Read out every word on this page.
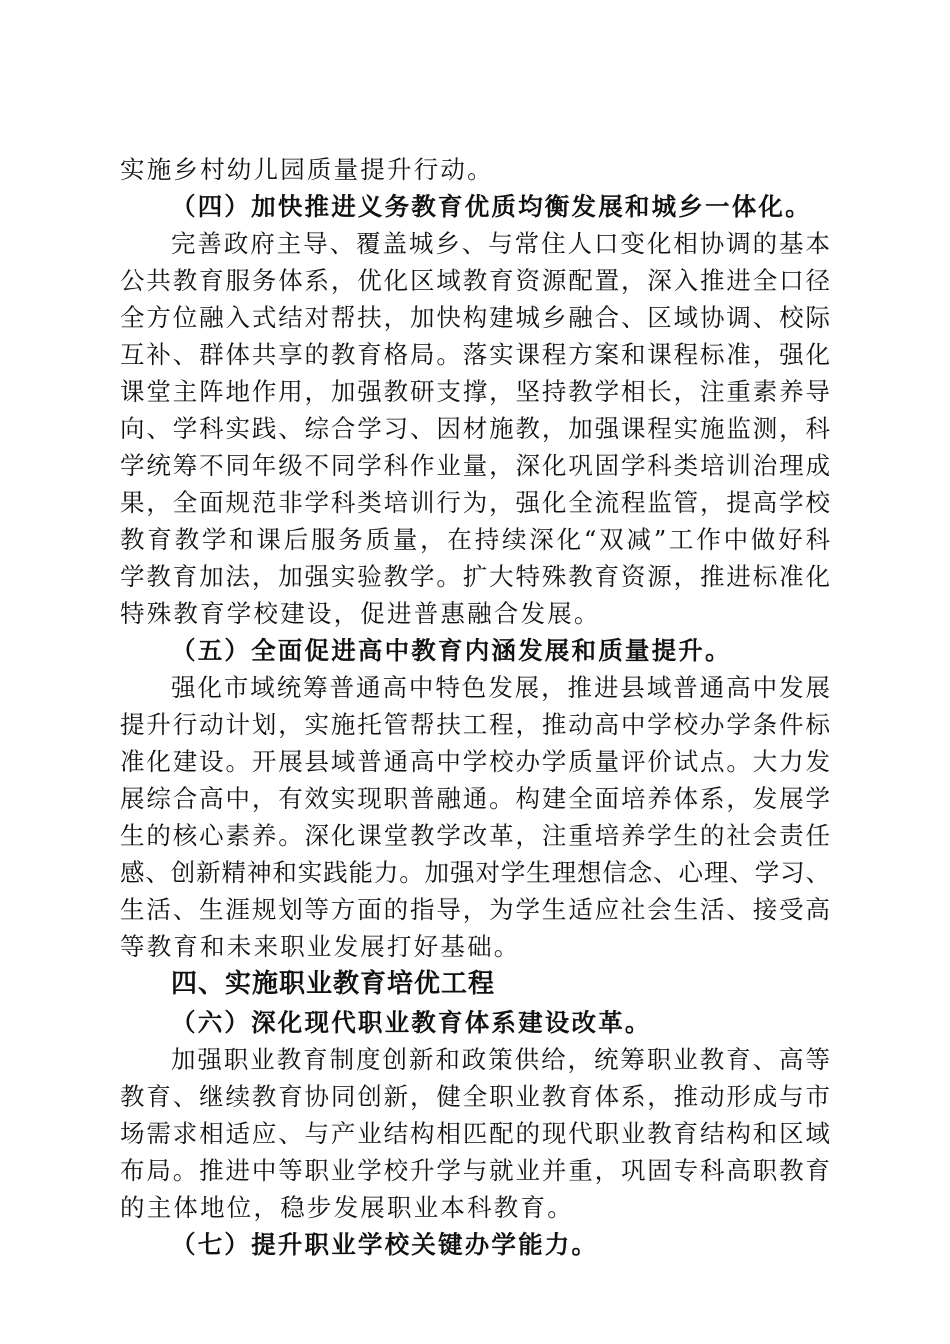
实施乡村幼儿园质量提升行动。
（四）加快推进义务教育优质均衡发展和城乡一体化。
完善政府主导、覆盖城乡、与常住人口变化相协调的基本
公共教育服务体系，优化区域教育资源配置，深入推进全口径
全方位融入式结对帮扶，加快构建城乡融合、区域协调、校际
互补、群体共享的教育格局。落实课程方案和课程标准，强化
课堂主阵地作用，加强教研支撑，坚持教学相长，注重素养导
向、学科实践、综合学习、因材施教，加强课程实施监测，科
学统筹不同年级不同学科作业量，深化巩固学科类培训治理成
果，全面规范非学科类培训行为，强化全流程监管，提高学校
教育教学和课后服务质量，在持续深化“双减”工作中做好科
学教育加法，加强实验教学。扩大特殊教育资源，推进标准化
特殊教育学校建设，促进普惠融合发展。
（五）全面促进高中教育内涵发展和质量提升。
强化市域统筹普通高中特色发展，推进县域普通高中发展
提升行动计划，实施托管帮扶工程，推动高中学校办学条件标
准化建设。开展县域普通高中学校办学质量评价试点。大力发
展综合高中，有效实现职普融通。构建全面培养体系，发展学
生的核心素养。深化课堂教学改革，注重培养学生的社会责任
感、创新精神和实践能力。加强对学生理想信念、心理、学习、
生活、生涯规划等方面的指导，为学生适应社会生活、接受高
等教育和未来职业发展打好基础。
四、实施职业教育培优工程
（六）深化现代职业教育体系建设改革。
加强职业教育制度创新和政策供给，统筹职业教育、高等
教育、继续教育协同创新，健全职业教育体系，推动形成与市
场需求相适应、与产业结构相匹配的现代职业教育结构和区域
布局。推进中等职业学校升学与就业并重，巩固专科高职教育
的主体地位，稳步发展职业本科教育。
（七）提升职业学校关键办学能力。
